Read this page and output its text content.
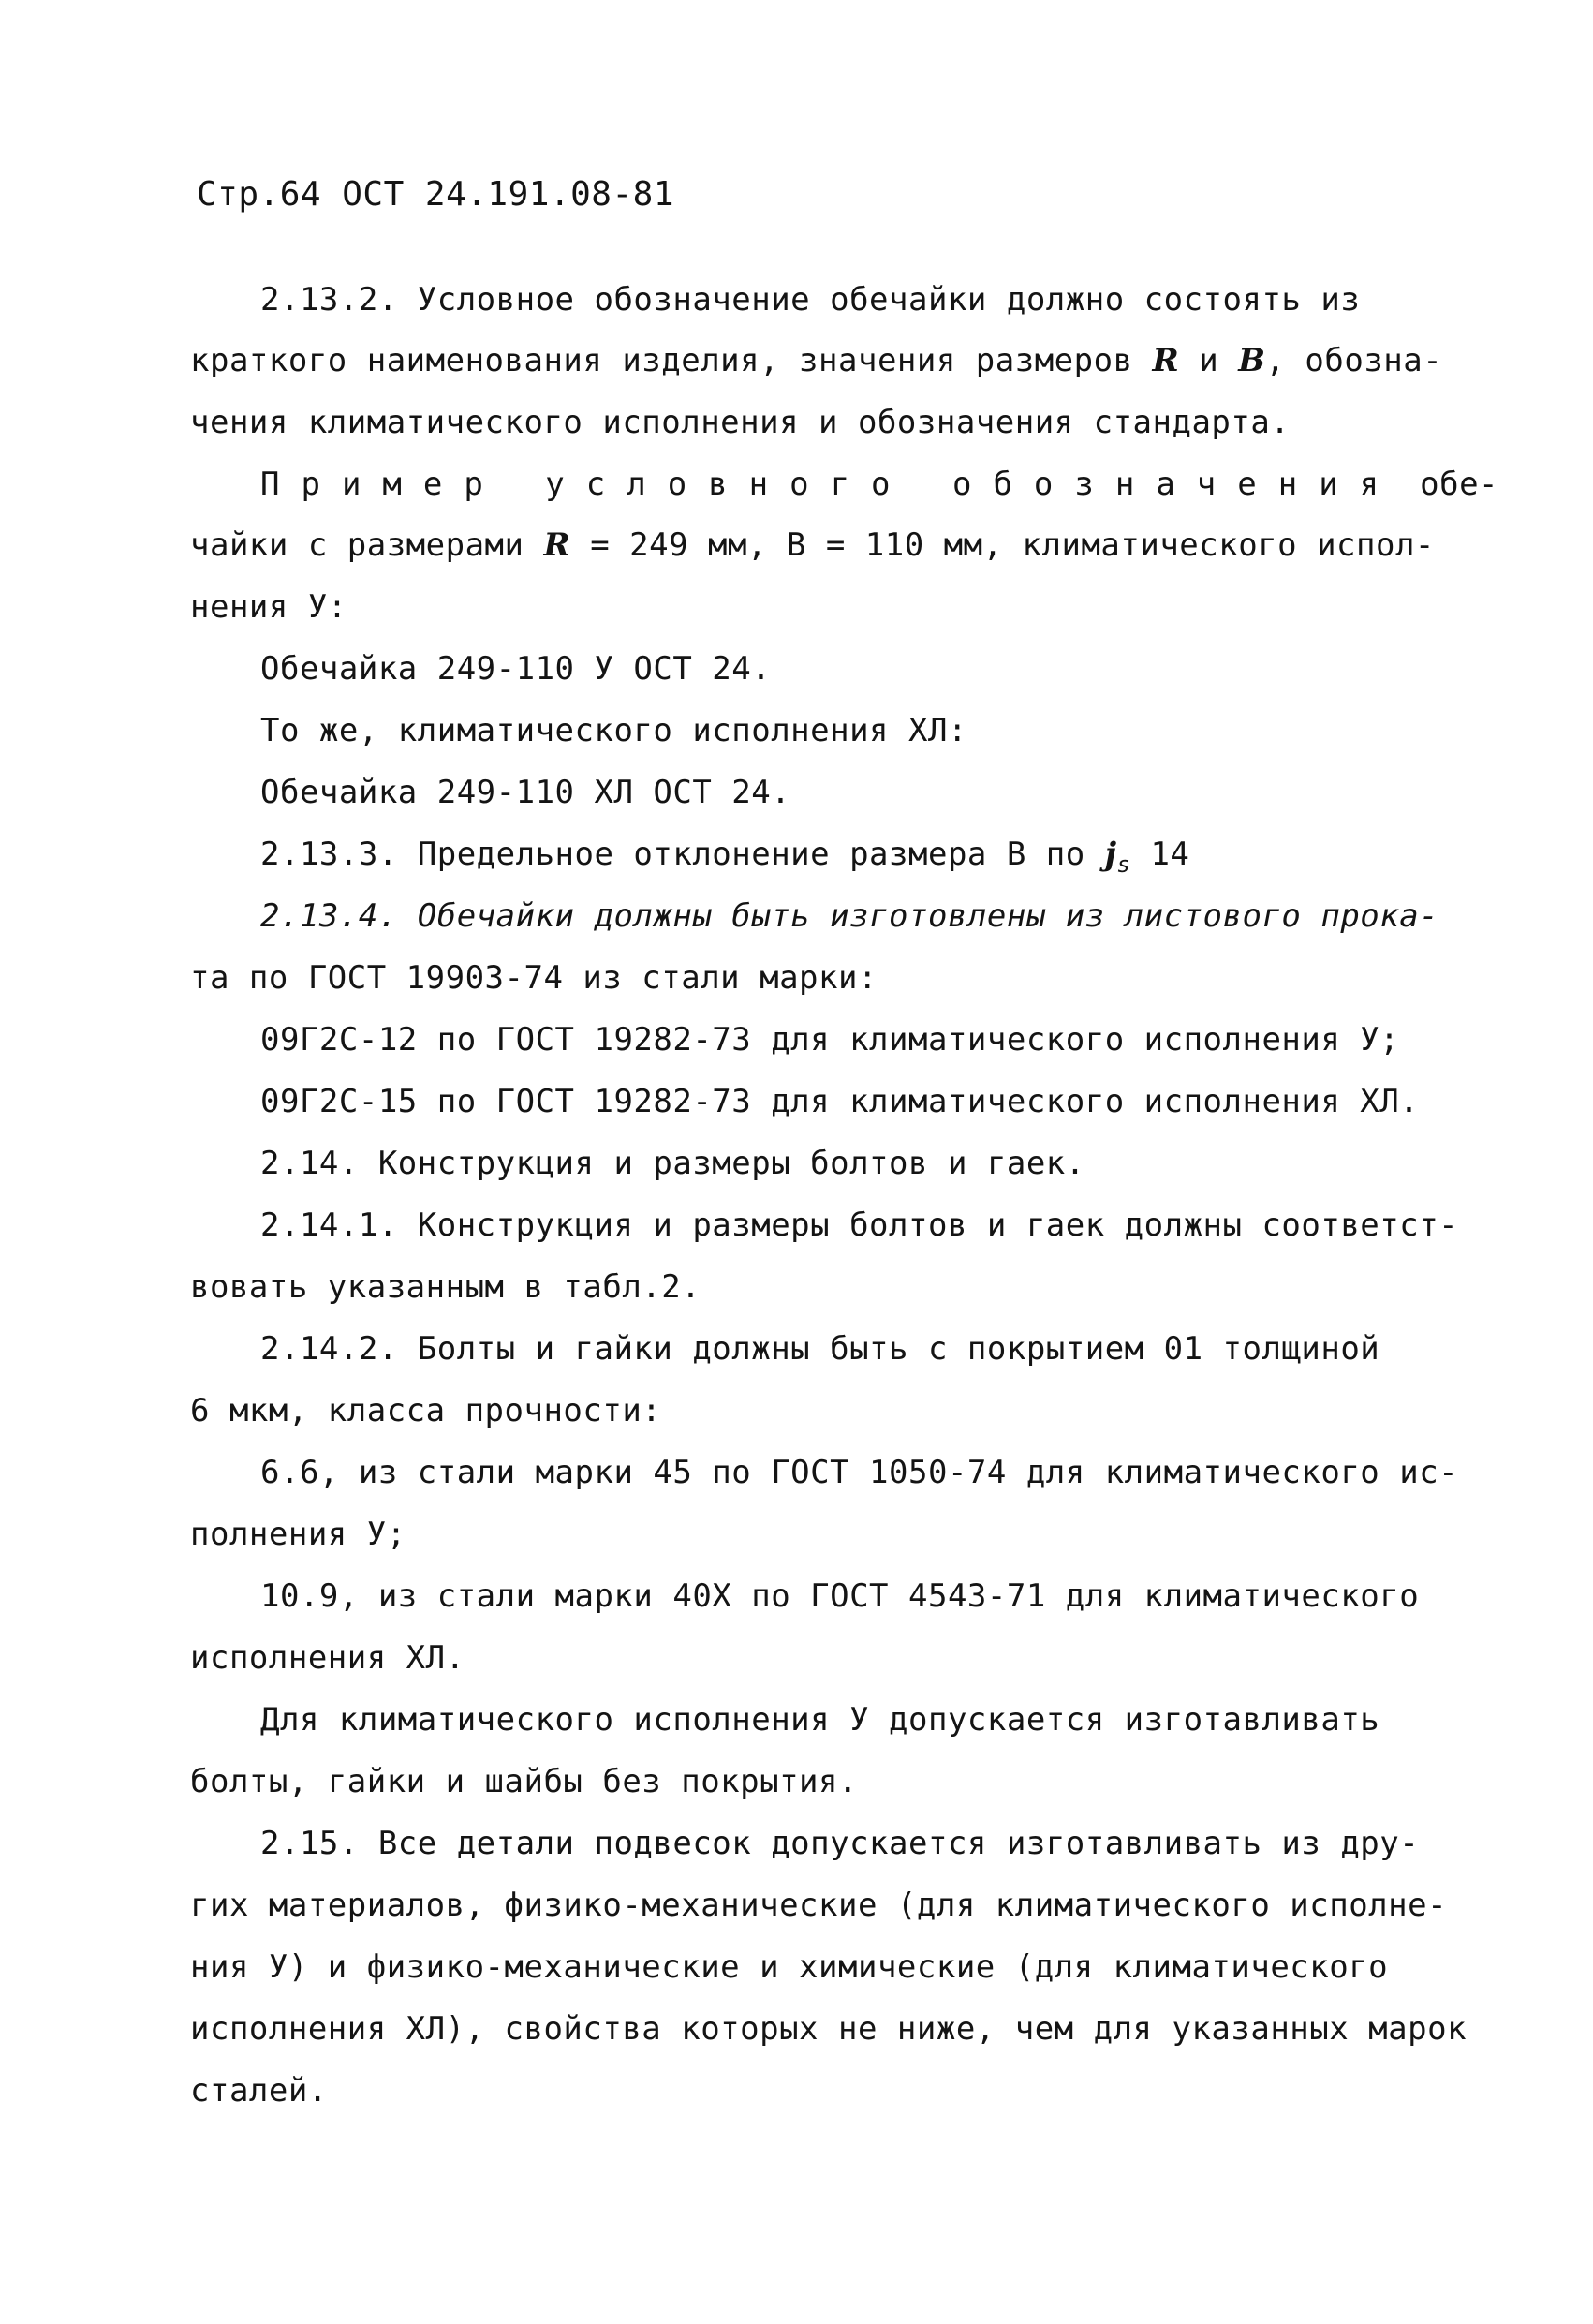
Стр.64 ОСТ 24.191.08-81
2.13.2. Условное обозначение обечайки должно состоять из
краткого наименования изделия, значения размеров R и B, обозна-
чения климатического исполнения и обозначения стандарта.
Пример условного обозначения обе-
чайки с размерами R = 249 мм, В = 110 мм, климатического испол-
нения У:
Обечайка 249-110 У ОСТ 24.
То же, климатического исполнения ХЛ:
Обечайка 249-110 ХЛ ОСТ 24.
2.13.3. Предельное отклонение размера В по $j_s$ 14
2.13.4. Обечайки должны быть изготовлены из листового прока-
та по ГОСТ 19903-74 из стали марки:
09Г2С-12 по ГОСТ 19282-73 для климатического исполнения У;
09Г2С-15 по ГОСТ 19282-73 для климатического исполнения ХЛ.
2.14. Конструкция и размеры болтов и гаек.
2.14.1. Конструкция и размеры болтов и гаек должны соответст-
вовать указанным в табл.2.
2.14.2. Болты и гайки должны быть с покрытием 01 толщиной
6 мкм, класса прочности:
6.6, из стали марки 45 по ГОСТ 1050-74 для климатического ис-
полнения У;
10.9, из стали марки 40Х по ГОСТ 4543-71 для климатического
исполнения ХЛ.
Для климатического исполнения У допускается изготавливать
болты, гайки и шайбы без покрытия.
2.15. Все детали подвесок допускается изготавливать из дру-
гих материалов, физико-механические (для климатического исполне-
ния У) и физико-механические и химические (для климатического
исполнения ХЛ), свойства которых не ниже, чем для указанных марок
сталей.
